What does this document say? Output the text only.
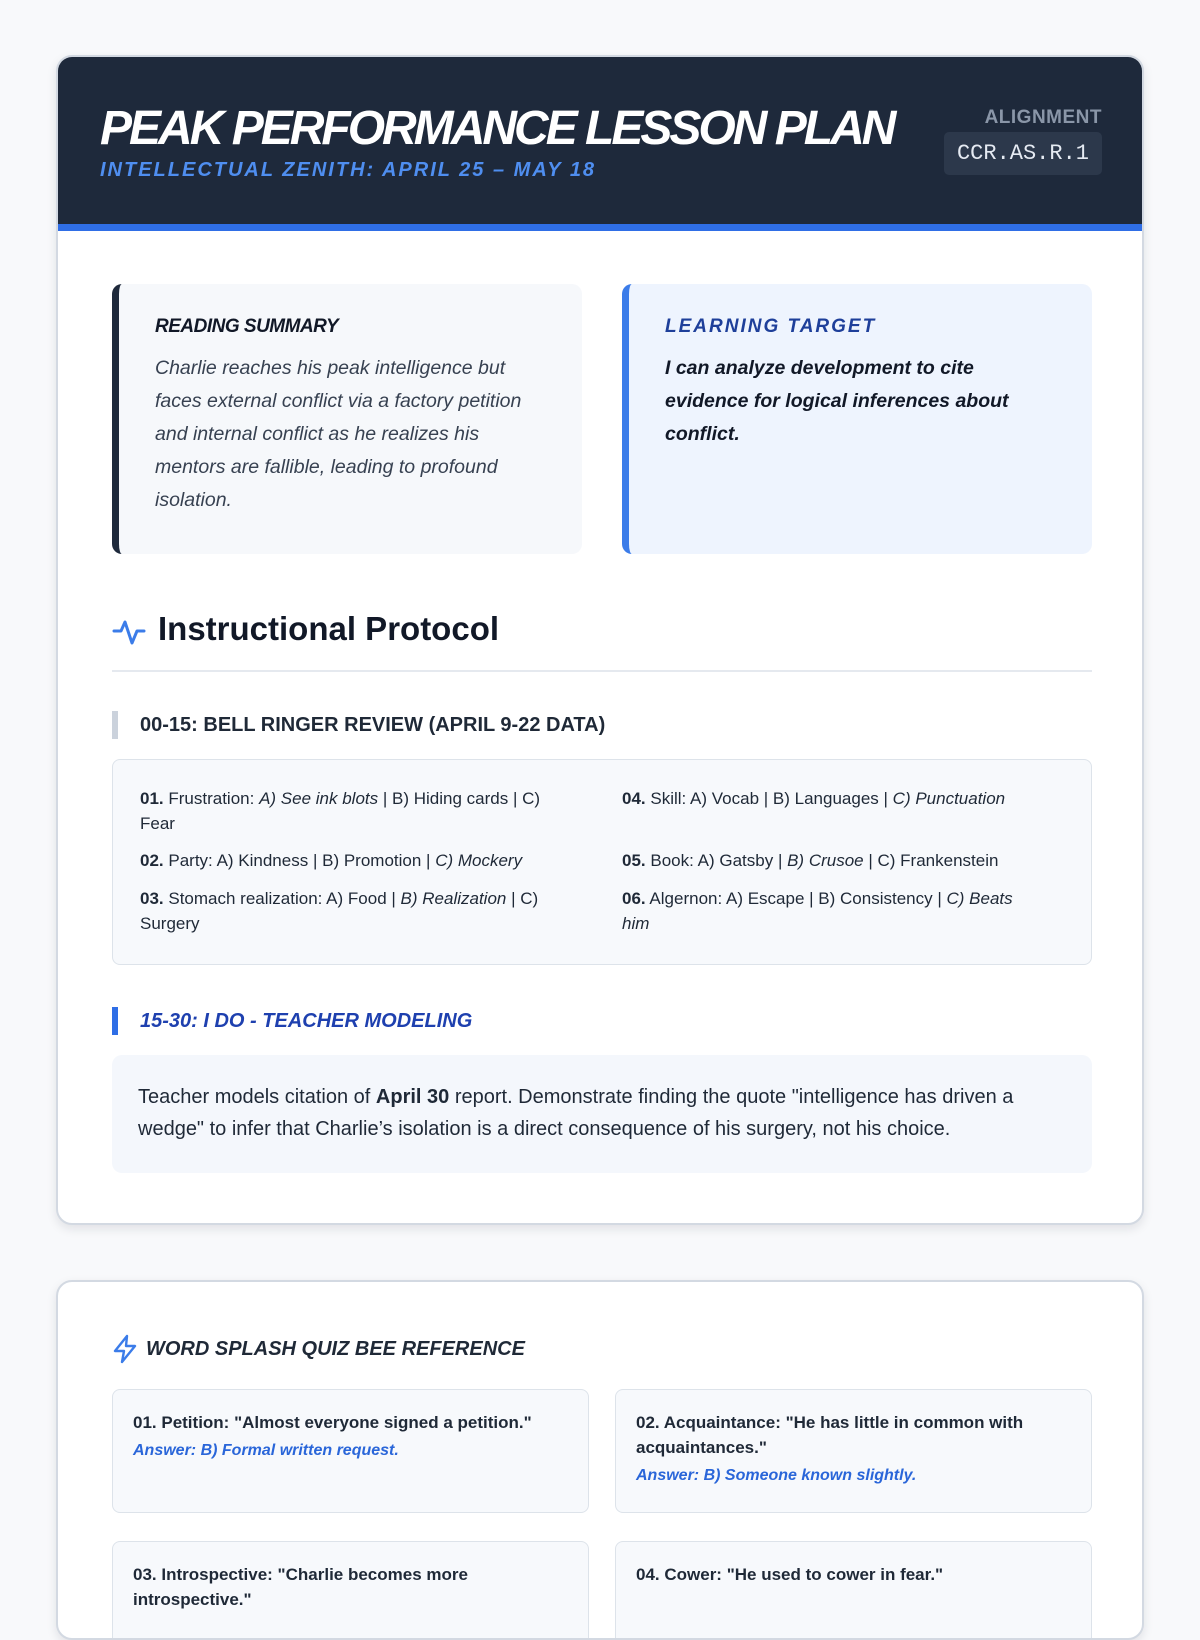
PEAK PERFORMANCE LESSON PLAN
INTELLECTUAL ZENITH: APRIL 25 – MAY 18
ALIGNMENT
CCR.AS.R.1
READING SUMMARY
Charlie reaches his peak intelligence but faces external conflict via a factory petition and internal conflict as he realizes his mentors are fallible, leading to profound isolation.
LEARNING TARGET
I can analyze development to cite evidence for logical inferences about conflict.
Instructional Protocol
00-15: BELL RINGER REVIEW (APRIL 9-22 DATA)
01. Frustration: A) See ink blots | B) Hiding cards | C) Fear
02. Party: A) Kindness | B) Promotion | C) Mockery
03. Stomach realization: A) Food | B) Realization | C) Surgery
04. Skill: A) Vocab | B) Languages | C) Punctuation
05. Book: A) Gatsby | B) Crusoe | C) Frankenstein
06. Algernon: A) Escape | B) Consistency | C) Beats him
15-30: I DO - TEACHER MODELING
Teacher models citation of April 30 report. Demonstrate finding the quote "intelligence has driven a wedge" to infer that Charlie’s isolation is a direct consequence of his surgery, not his choice.
WORD SPLASH QUIZ BEE REFERENCE
01. Petition: "Almost everyone signed a petition."
Answer: B) Formal written request.
02. Acquaintance: "He has little in common with acquaintances."
Answer: B) Someone known slightly.
03. Introspective: "Charlie becomes more introspective."
04. Cower: "He used to cower in fear."
